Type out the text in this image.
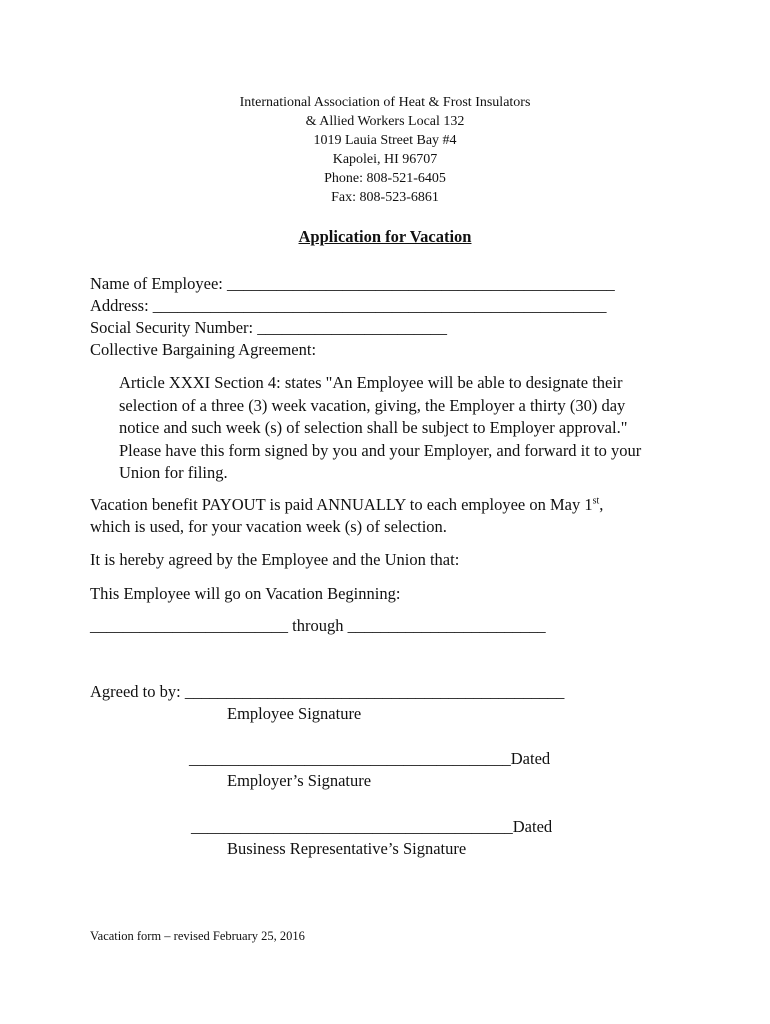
International Association of Heat & Frost Insulators
& Allied Workers Local 132
1019 Lauia Street Bay #4
Kapolei, HI 96707
Phone: 808-521-6405
Fax: 808-523-6861
Application for Vacation
Name of Employee: _______________________________________________
Address: _______________________________________________________
Social Security Number: _______________________
Collective Bargaining Agreement:
Article XXXI Section 4: states "An Employee will be able to designate their
selection of a three (3) week vacation, giving, the Employer a thirty (30) day
notice and such week (s) of selection shall be subject to Employer approval."
Please have this form signed by you and your Employer, and forward it to your
Union for filing.
Vacation benefit PAYOUT is paid ANNUALLY to each employee on May 1st,
which is used, for your vacation week (s) of selection.
It is hereby agreed by the Employee and the Union that:
This Employee will go on Vacation Beginning:
________________________ through ________________________
Agreed to by: ______________________________________________
Employee Signature
_______________________________________Dated
Employer’s Signature
_______________________________________Dated
Business Representative’s Signature
Vacation form – revised February 25, 2016
